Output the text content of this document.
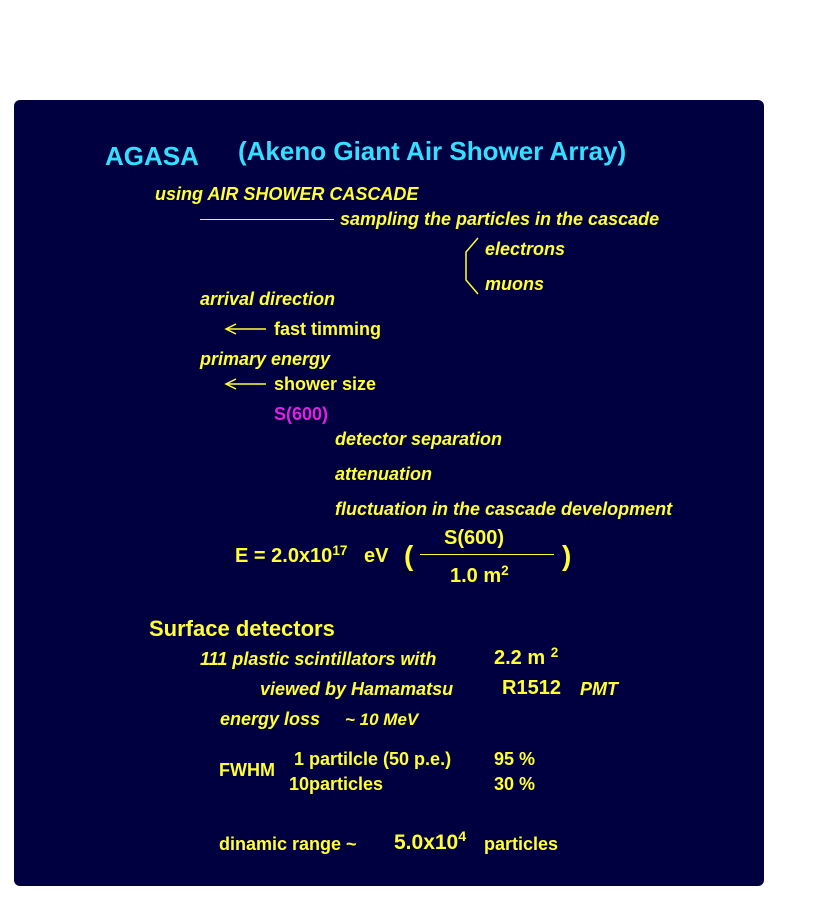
AGASA (Akeno Giant Air Shower Array)
using AIR SHOWER CASCADE
sampling the particles in the cascade
electrons
muons
arrival direction
fast timming
primary energy
shower size
S(600)
detector separation
attenuation
fluctuation in the cascade development
$E = 2.0x10^{17}$ eV (
S(600)
1.0 $m^2$ )
Surface detectors
111 plastic scintillators with	2.2 m $^2$
viewed by Hamamatsu R1512 PMT
energy loss ~ 10 MeV
FWHM
1 partilcle (50 p.e.) 95 %
10particles	30 %
dinamic range ~ $5.0x10^4$ particles
